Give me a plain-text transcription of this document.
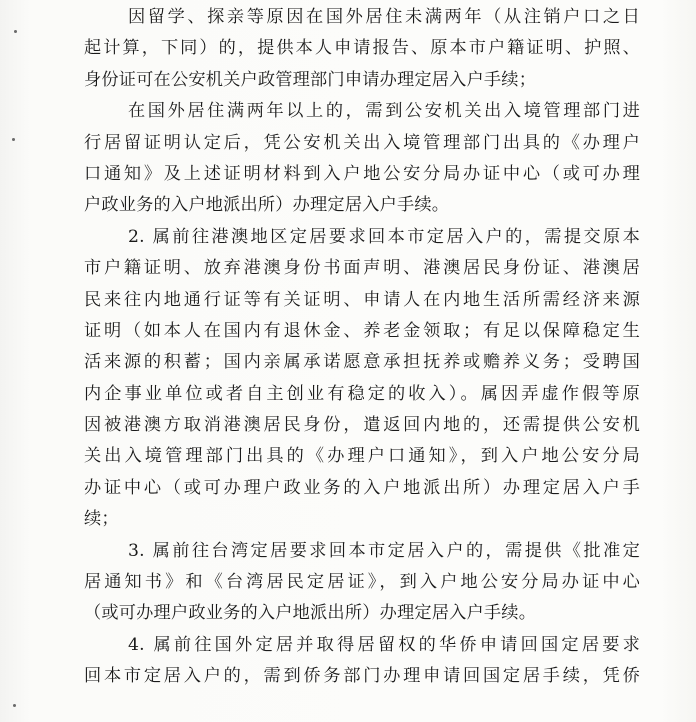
因留学、探亲等原因在国外居住未满两年（从注销户口之日
起计算，下同）的，提供本人申请报告、原本市户籍证明、护照、
身份证可在公安机关户政管理部门申请办理定居入户手续；
在国外居住满两年以上的，需到公安机关出入境管理部门进
行居留证明认定后，凭公安机关出入境管理部门出具的《办理户
口通知》及上述证明材料到入户地公安分局办证中心（或可办理
户政业务的入户地派出所）办理定居入户手续。
2. 属前往港澳地区定居要求回本市定居入户的，需提交原本
市户籍证明、放弃港澳身份书面声明、港澳居民身份证、港澳居
民来往内地通行证等有关证明、申请人在内地生活所需经济来源
证明（如本人在国内有退休金、养老金领取；有足以保障稳定生
活来源的积蓄；国内亲属承诺愿意承担抚养或赡养义务；受聘国
内企事业单位或者自主创业有稳定的收入）。属因弄虚作假等原
因被港澳方取消港澳居民身份，遣返回内地的，还需提供公安机
关出入境管理部门出具的《办理户口通知》，到入户地公安分局
办证中心（或可办理户政业务的入户地派出所）办理定居入户手
续；
3. 属前往台湾定居要求回本市定居入户的，需提供《批准定
居通知书》和《台湾居民定居证》，到入户地公安分局办证中心
（或可办理户政业务的入户地派出所）办理定居入户手续。
4. 属前往国外定居并取得居留权的华侨申请回国定居要求
回本市定居入户的，需到侨务部门办理申请回国定居手续，凭侨
